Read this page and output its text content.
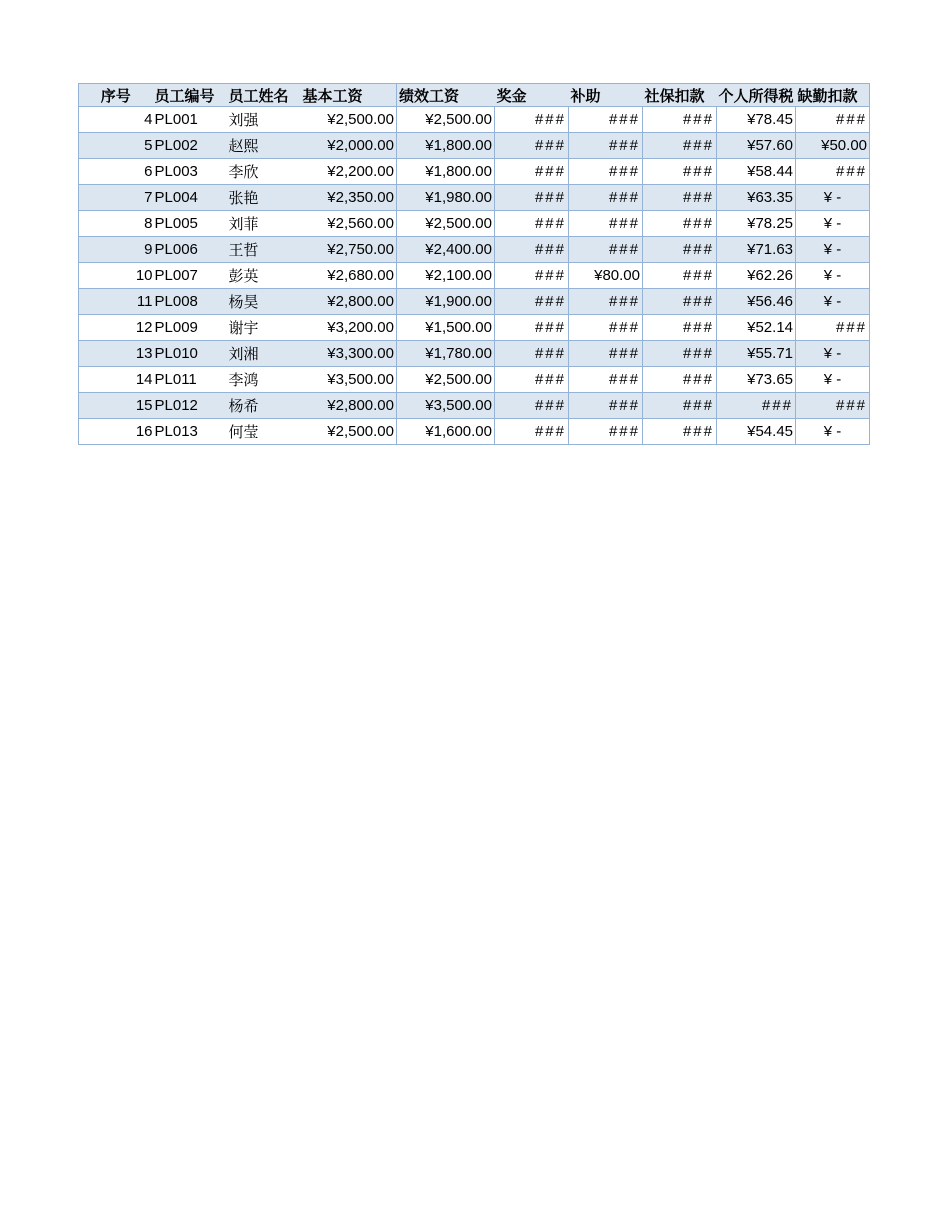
序号	员工编号	员工姓名	基本工资	绩效工资	奖金	补助	社保扣款	个人所得税	缺勤扣款
4	PL001	刘强	¥2,500.00	¥2,500.00	###	###	###	¥78.45	###
5	PL002	赵熙	¥2,000.00	¥1,800.00	###	###	###	¥57.60	¥50.00
6	PL003	李欣	¥2,200.00	¥1,800.00	###	###	###	¥58.44	###
7	PL004	张艳	¥2,350.00	¥1,980.00	###	###	###	¥63.35	¥ -
8	PL005	刘菲	¥2,560.00	¥2,500.00	###	###	###	¥78.25	¥ -
9	PL006	王哲	¥2,750.00	¥2,400.00	###	###	###	¥71.63	¥ -
10	PL007	彭英	¥2,680.00	¥2,100.00	###	¥80.00	###	¥62.26	¥ -
11	PL008	杨昊	¥2,800.00	¥1,900.00	###	###	###	¥56.46	¥ -
12	PL009	谢宇	¥3,200.00	¥1,500.00	###	###	###	¥52.14	###
13	PL010	刘湘	¥3,300.00	¥1,780.00	###	###	###	¥55.71	¥ -
14	PL011	李鸿	¥3,500.00	¥2,500.00	###	###	###	¥73.65	¥ -
15	PL012	杨希	¥2,800.00	¥3,500.00	###	###	###	###	###
16	PL013	何莹	¥2,500.00	¥1,600.00	###	###	###	¥54.45	¥ -
